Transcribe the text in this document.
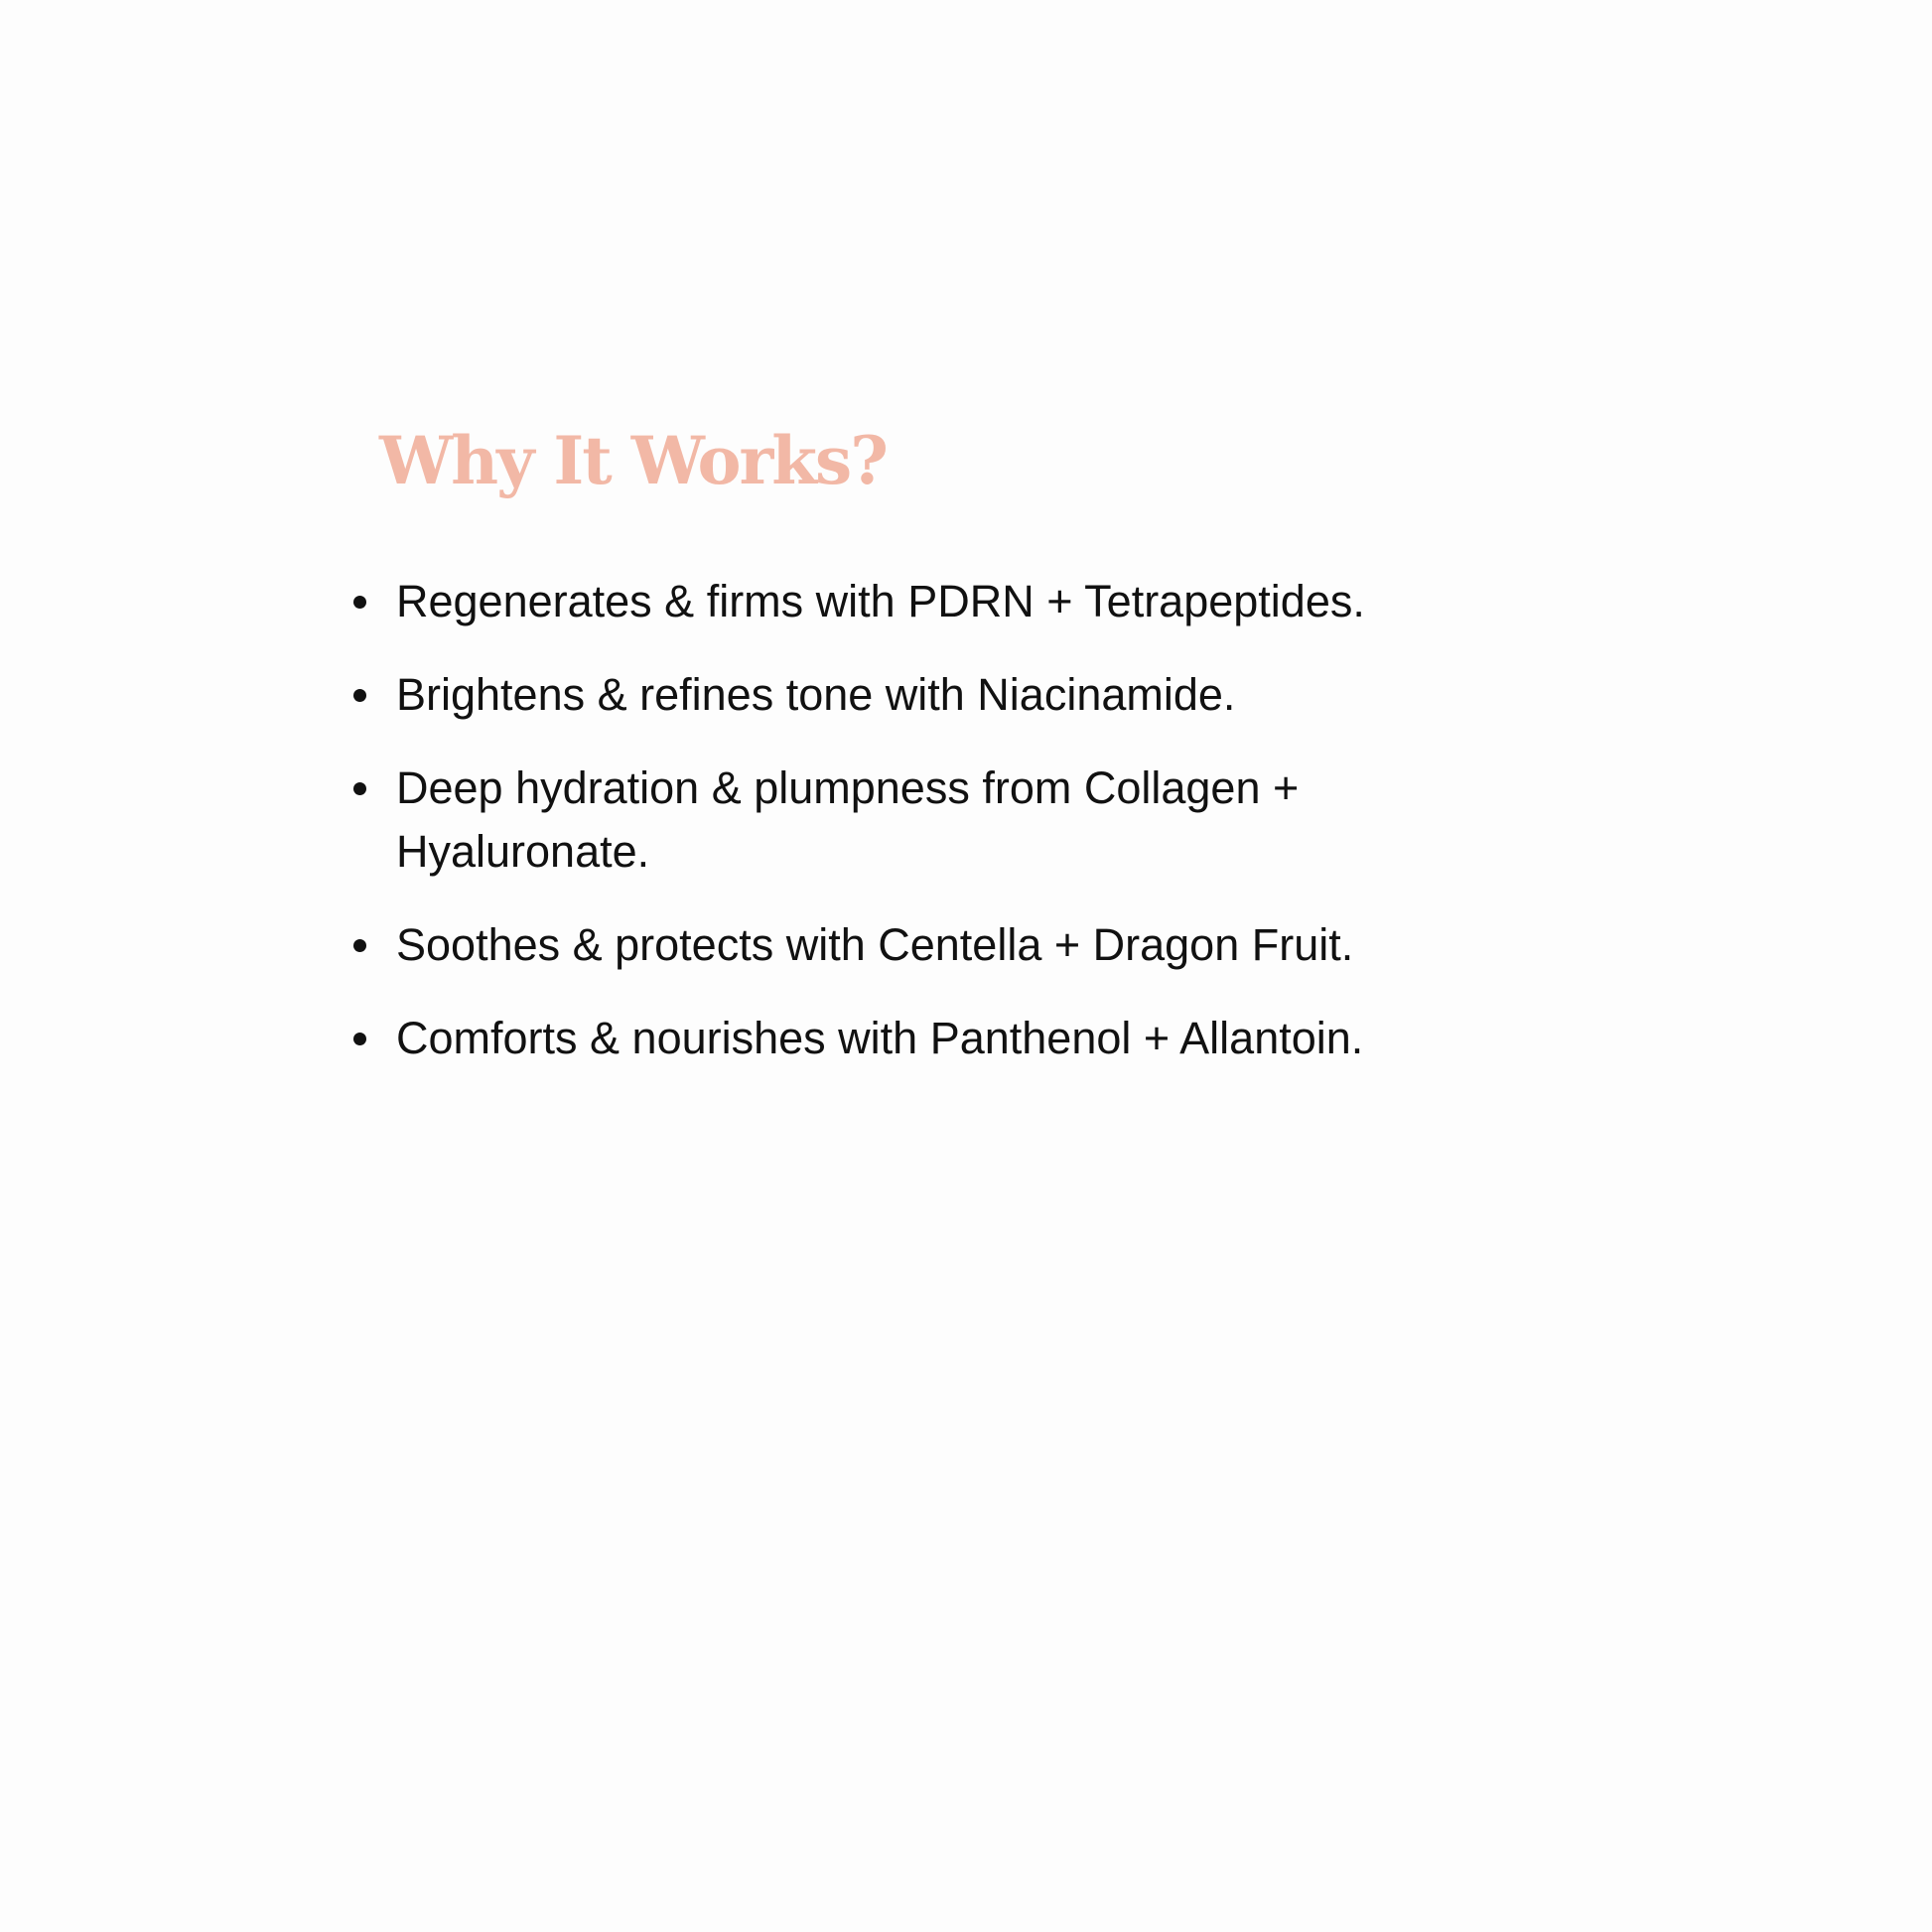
Why It Works?
Regenerates & firms with PDRN + Tetrapeptides.
Brightens & refines tone with Niacinamide.
Deep hydration & plumpness from Collagen + Hyaluronate.
Soothes & protects with Centella + Dragon Fruit.
Comforts & nourishes with Panthenol + Allantoin.
